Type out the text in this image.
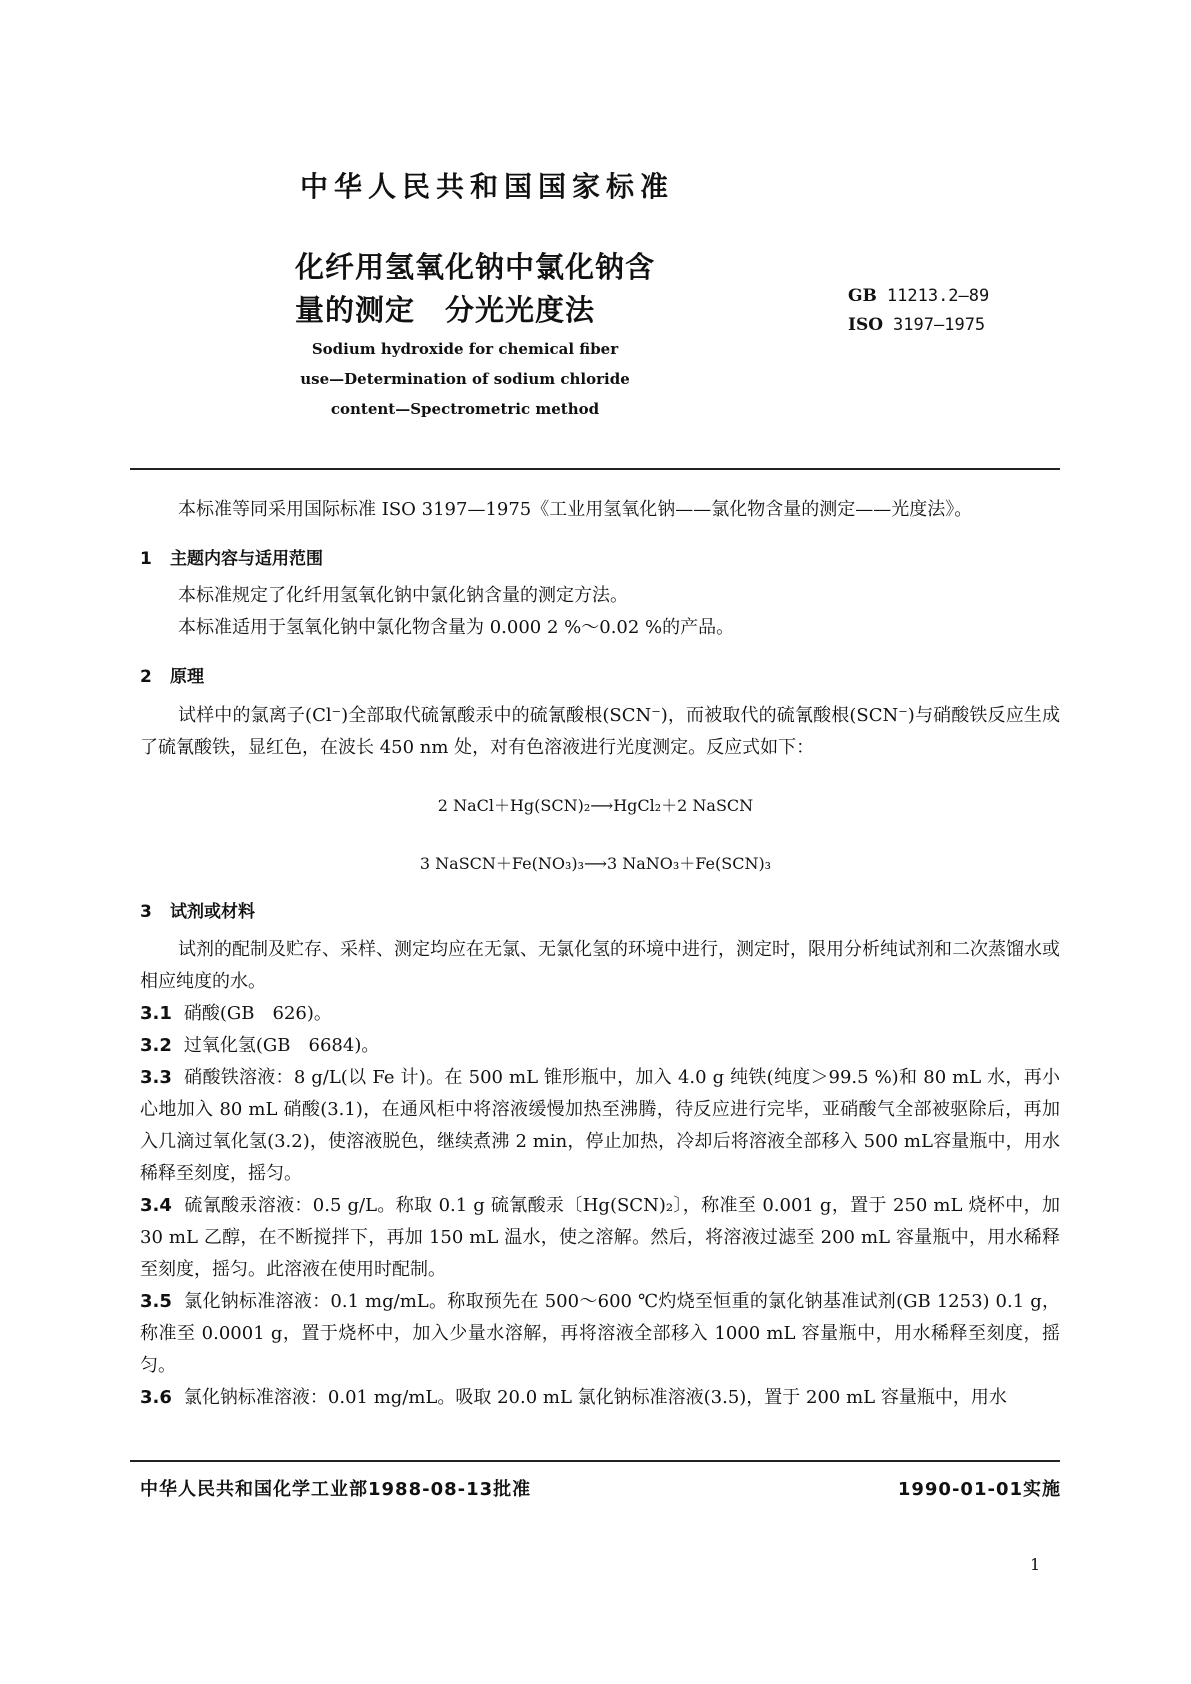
中华人民共和国国家标准
化纤用氢氧化钠中氯化钠含
量的测定　分光光度法	GB 11213.2—89
ISO 3197—1975
Sodium hydroxide for chemical fiber
use—Determination of sodium chloride
content—Spectrometric method
本标准等同采用国际标准 ISO 3197—1975《工业用氢氧化钠——氯化物含量的测定——光度法》。
1 主题内容与适用范围
本标准规定了化纤用氢氧化钠中氯化钠含量的测定方法。
本标准适用于氢氧化钠中氯化物含量为 0.000 2 %～0.02 %的产品。
2 原理
试样中的氯离子(Cl⁻)全部取代硫氰酸汞中的硫氰酸根(SCN⁻)，而被取代的硫氰酸根(SCN⁻)与硝酸铁反应生成了硫氰酸铁，显红色，在波长 450 nm 处，对有色溶液进行光度测定。反应式如下：
2 NaCl＋Hg(SCN)₂⟶HgCl₂＋2 NaSCN
3 NaSCN＋Fe(NO₃)₃⟶3 NaNO₃＋Fe(SCN)₃
3 试剂或材料
试剂的配制及贮存、采样、测定均应在无氯、无氯化氢的环境中进行，测定时，限用分析纯试剂和二次蒸馏水或相应纯度的水。
3.1 硝酸(GB　626)。
3.2 过氧化氢(GB　6684)。
3.3 硝酸铁溶液：8 g/L(以 Fe 计)。在 500 mL 锥形瓶中，加入 4.0 g 纯铁(纯度＞99.5 %)和 80 mL 水，再小心地加入 80 mL 硝酸(3.1)，在通风柜中将溶液缓慢加热至沸腾，待反应进行完毕，亚硝酸气全部被驱除后，再加入几滴过氧化氢(3.2)，使溶液脱色，继续煮沸 2 min，停止加热，冷却后将溶液全部移入 500 mL容量瓶中，用水稀释至刻度，摇匀。
3.4 硫氰酸汞溶液：0.5 g/L。称取 0.1 g 硫氰酸汞〔Hg(SCN)₂〕，称准至 0.001 g，置于 250 mL 烧杯中，加 30 mL 乙醇，在不断搅拌下，再加 150 mL 温水，使之溶解。然后，将溶液过滤至 200 mL 容量瓶中，用水稀释至刻度，摇匀。此溶液在使用时配制。
3.5 氯化钠标准溶液：0.1 mg/mL。称取预先在 500～600 ℃灼烧至恒重的氯化钠基准试剂(GB 1253) 0.1 g，称准至 0.0001 g，置于烧杯中，加入少量水溶解，再将溶液全部移入 1000 mL 容量瓶中，用水稀释至刻度，摇匀。
3.6 氯化钠标准溶液：0.01 mg/mL。吸取 20.0 mL 氯化钠标准溶液(3.5)，置于 200 mL 容量瓶中，用水
中华人民共和国化学工业部1988-08-13批准	1990-01-01实施
1
